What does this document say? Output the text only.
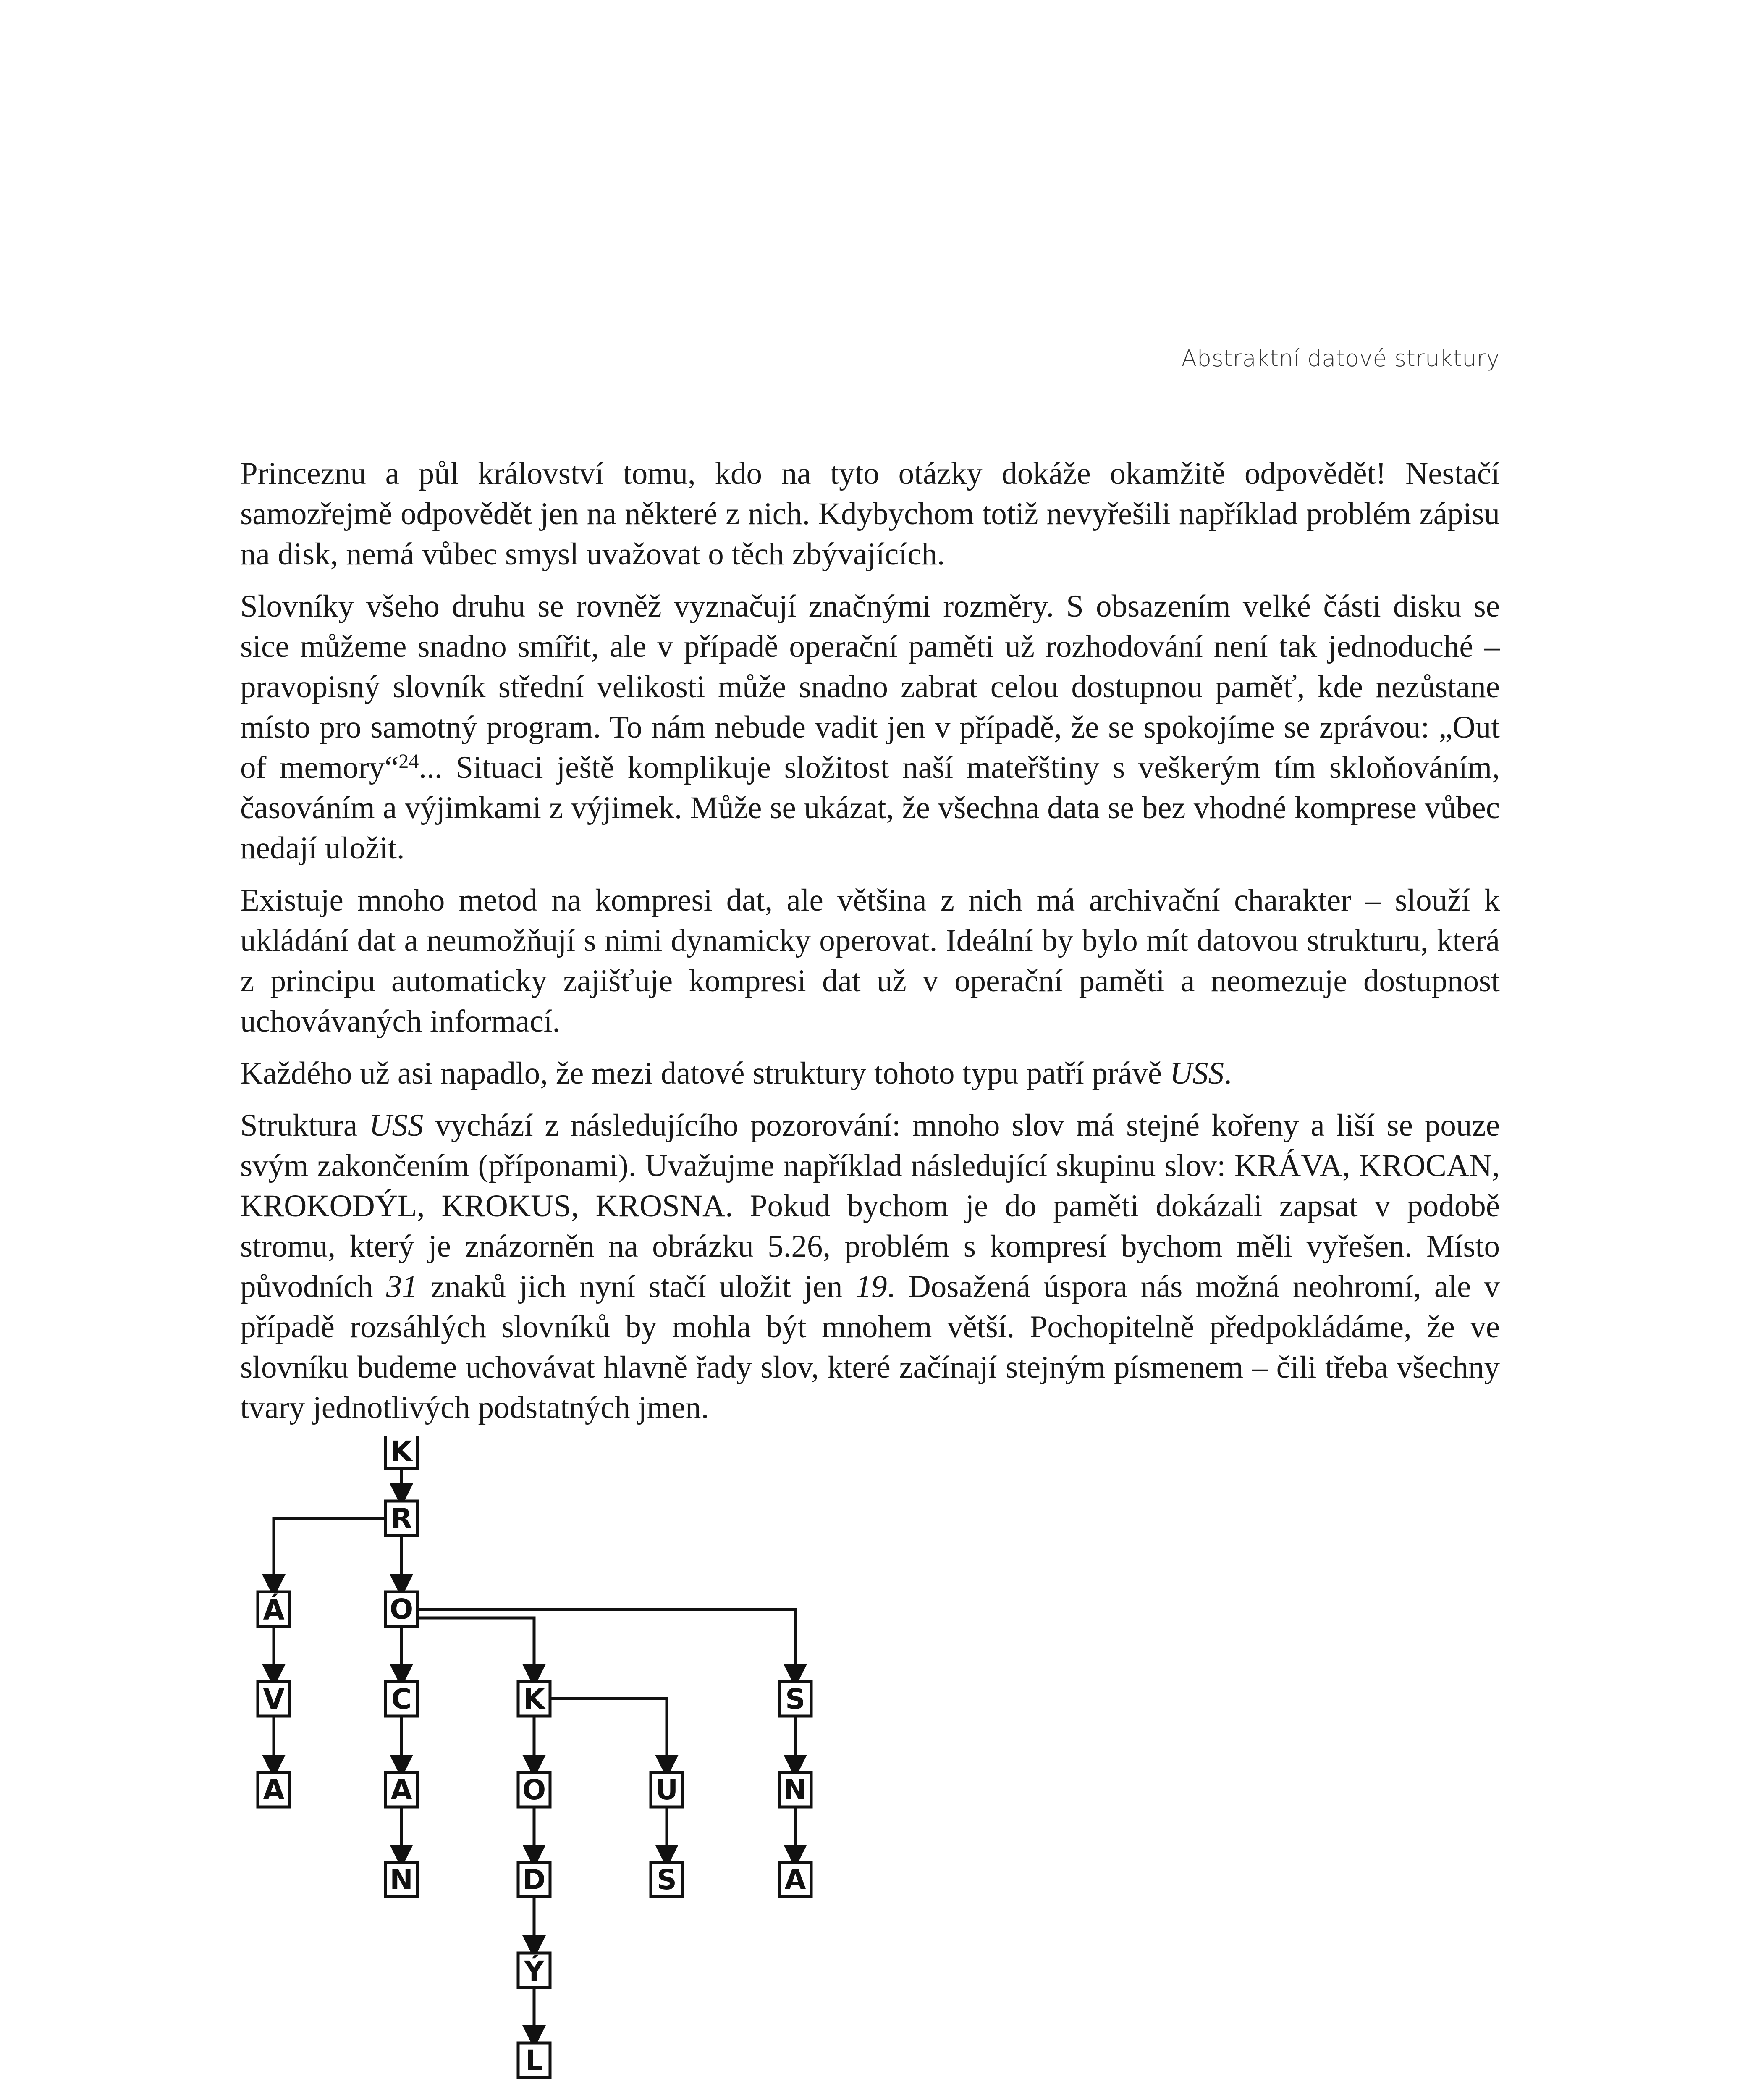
Abstraktní datové struktury

Princeznu a půl království tomu, kdo na tyto otázky dokáže okamžitě odpovědět! Nestačí samozřejmě odpovědět jen na některé z nich. Kdybychom totiž nevyřešili například problém zápisu na disk, nemá vůbec smysl uvažovat o těch zbývajících.

Slovníky všeho druhu se rovněž vyznačují značnými rozměry. S obsazením velké části disku se sice můžeme snadno smířit, ale v případě operační paměti už rozhodování není tak jednoduché – pravopisný slovník střední velikosti může snadno zabrat celou dostupnou paměť, kde nezůstane místo pro samotný program. To nám nebude vadit jen v případě, že se spokojíme se zprávou: „Out of memory“$^{24}$... Situaci ještě komplikuje složitost naší mateřštiny s veškerým tím skloňováním, časováním a výjimkami z výjimek. Může se ukázat, že všechna data se bez vhodné komprese vůbec nedají uložit.

Existuje mnoho metod na kompresi dat, ale většina z nich má archivační charakter – slouží k ukládání dat a neumožňují s nimi dynamicky operovat. Ideální by bylo mít datovou strukturu, která z principu automaticky zajišťuje kompresi dat už v operační paměti a neomezuje dostupnost uchovávaných informací.

Každého už asi napadlo, že mezi datové struktury tohoto typu patří právě USS.

Struktura USS vychází z následujícího pozorování: mnoho slov má stejné kořeny a liší se pouze svým zakončením (příponami). Uvažujme například následující skupinu slov: KRÁVA, KROCAN, KROKODÝL, KROKUS, KROSNA. Pokud bychom je do paměti dokázali zapsat v podobě stromu, který je znázorněn na obrázku 5.26, problém s kompresí bychom měli vyřešen. Místo původních 31 znaků jich nyní stačí uložit jen 19. Dosažená úspora nás možná neohromí, ale v případě rozsáhlých slovníků by mohla být mnohem větší. Pochopitelně předpokládáme, že ve slovníku budeme uchovávat hlavně řady slov, které začínají stejným písmenem – čili třeba všechny tvary jednotlivých podstatných jmen.

K
R
Á
V
A
O
C
A
N
K
O
D
Ý
L
U
S
S
N
A
